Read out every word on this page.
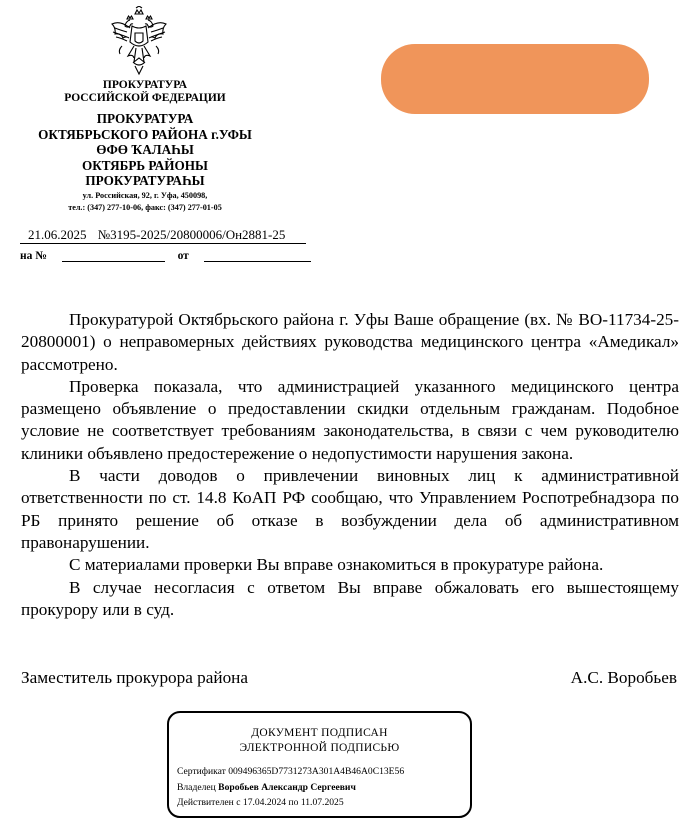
ПРОКУРАТУРА
РОССИЙСКОЙ ФЕДЕРАЦИИ
ПРОКУРАТУРА
ОКТЯБРЬСКОГО РАЙОНА г.УФЫ
ӨФӨ ҠАЛАҺЫ
ОКТЯБРЬ РАЙОНЫ
ПРОКУРАТУРАҺЫ
ул. Российская, 92, г. Уфа, 450098,
тел.: (347) 277-10-06, факс: (347) 277-01-05
21.06.2025 №3195-2025/20800006/Он2881-25
на №	от

Прокуратурой Октябрьского района г. Уфы Ваше обращение (вх. № ВО-11734-25-20800001) о неправомерных действиях руководства медицинского центра «Амедикал» рассмотрено.

Проверка показала, что администрацией указанного медицинского центра размещено объявление о предоставлении скидки отдельным гражданам. Подобное условие не соответствует требованиям законодательства, в связи с чем руководителю клиники объявлено предостережение о недопустимости нарушения закона.

В части доводов о привлечении виновных лиц к административной ответственности по ст. 14.8 КоАП РФ сообщаю, что Управлением Роспотребнадзора по РБ принято решение об отказе в возбуждении дела об административном правонарушении.

С материалами проверки Вы вправе ознакомиться в прокуратуре района.

В случае несогласия с ответом Вы вправе обжаловать его вышестоящему прокурору или в суд.

Заместитель прокурора района	А.С. Воробьев
ДОКУМЕНТ ПОДПИСАН
ЭЛЕКТРОННОЙ ПОДПИСЬЮ
Сертификат 009496365D7731273A301A4B46A0C13E56
Владелец Воробьев Александр Сергеевич
Действителен с 17.04.2024 по 11.07.2025
